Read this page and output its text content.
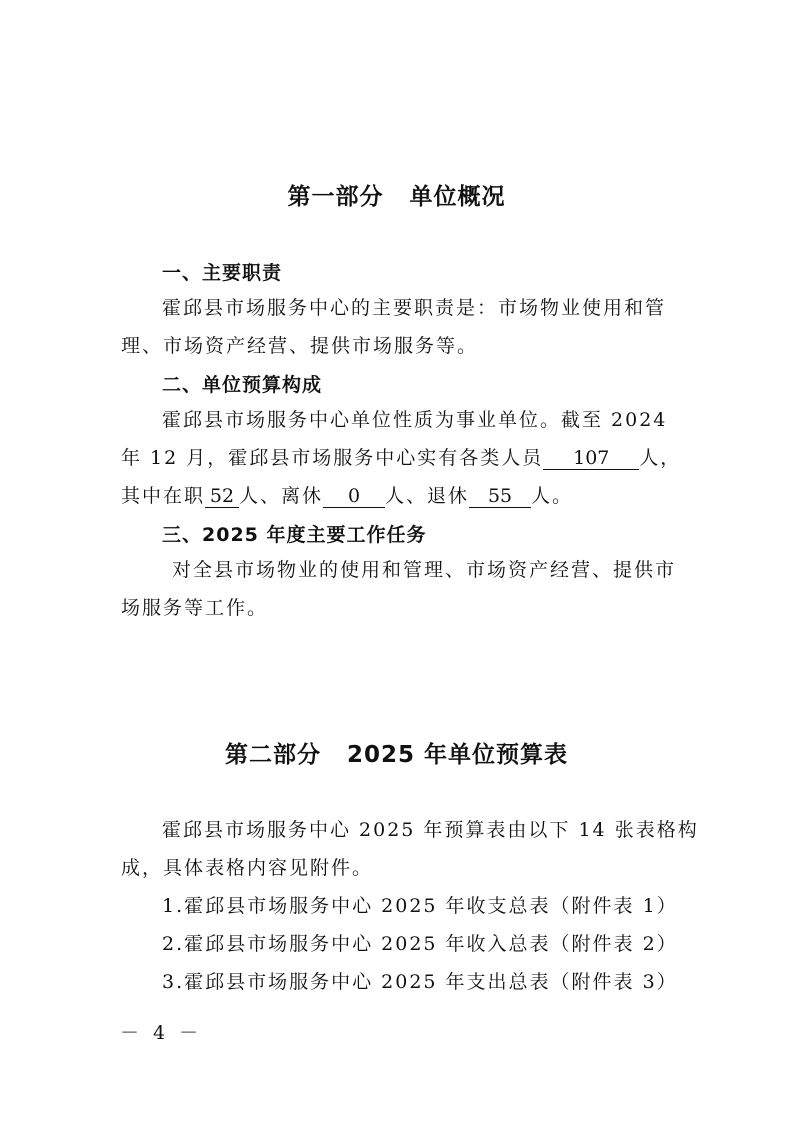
第一部分 单位概况
一、主要职责
霍邱县市场服务中心的主要职责是：市场物业使用和管
理、市场资产经营、提供市场服务等。
二、单位预算构成
霍邱县市场服务中心单位性质为事业单位。截至 2024
年 12 月，霍邱县市场服务中心实有各类人员 107 人，
其中在职 52 人、离休 0 人、退休 55 人。
三、2025 年度主要工作任务
对全县市场物业的使用和管理、市场资产经营、提供市
场服务等工作。
第二部分 2025 年单位预算表
霍邱县市场服务中心 2025 年预算表由以下 14 张表格构
成，具体表格内容见附件。
1.霍邱县市场服务中心 2025 年收支总表（附件表 1）
2.霍邱县市场服务中心 2025 年收入总表（附件表 2）
3.霍邱县市场服务中心 2025 年支出总表（附件表 3）
－ 4 －
